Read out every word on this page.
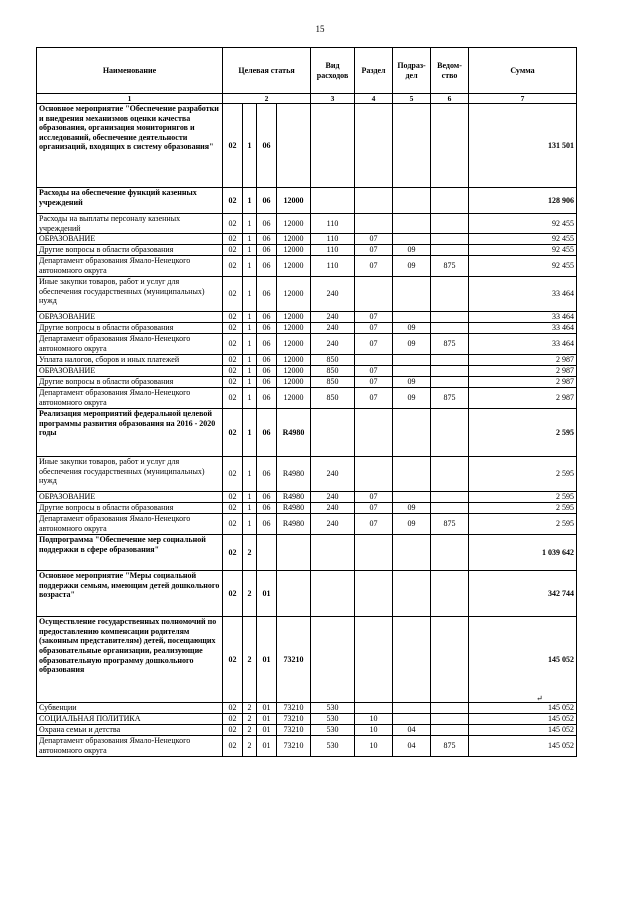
15
Наименование	Целевая статья				Вид расходов	Раздел	Подраз-дел	Ведом-ство	Сумма
1	2				3	4	5	6	7
Основное мероприятие "Обеспечение разработки и внедрения механизмов оценки качества образования, организация мониторингов и исследований, обеспечение деятельности организаций, входящих в систему образования"	02	1	06						131 501
Расходы на обеспечение функций казенных учреждений	02	1	06	12000					128 906
Расходы на выплаты персоналу казенных учреждений	02	1	06	12000	110				92 455
ОБРАЗОВАНИЕ	02	1	06	12000	110	07			92 455
Другие вопросы в области образования	02	1	06	12000	110	07	09		92 455
Департамент образования Ямало-Ненецкого автономного округа	02	1	06	12000	110	07	09	875	92 455
Иные закупки товаров, работ и услуг для обеспечения государственных (муниципальных) нужд	02	1	06	12000	240				33 464
ОБРАЗОВАНИЕ	02	1	06	12000	240	07			33 464
Другие вопросы в области образования	02	1	06	12000	240	07	09		33 464
Департамент образования Ямало-Ненецкого автономного округа	02	1	06	12000	240	07	09	875	33 464
Уплата налогов, сборов и иных платежей	02	1	06	12000	850				2 987
ОБРАЗОВАНИЕ	02	1	06	12000	850	07			2 987
Другие вопросы в области образования	02	1	06	12000	850	07	09		2 987
Департамент образования Ямало-Ненецкого автономного округа	02	1	06	12000	850	07	09	875	2 987
Реализация мероприятий федеральной целевой программы развития образования на 2016 - 2020 годы	02	1	06	R4980					2 595
Иные закупки товаров, работ и услуг для обеспечения государственных (муниципальных) нужд	02	1	06	R4980	240				2 595
ОБРАЗОВАНИЕ	02	1	06	R4980	240	07			2 595
Другие вопросы в области образования	02	1	06	R4980	240	07	09		2 595
Департамент образования Ямало-Ненецкого автономного округа	02	1	06	R4980	240	07	09	875	2 595
Подпрограмма "Обеспечение мер социальной поддержки в сфере образования"	02	2							1 039 642
Основное мероприятие "Меры социальной поддержки семьям, имеющим детей дошкольного возраста"	02	2	01						342 744
Осуществление государственных полномочий по предоставлению компенсации родителям (законным представителям) детей, посещающих образовательные организации, реализующие образовательную программу дошкольного образования	02	2	01	73210					145 052
Субвенции	02	2	01	73210	530				145 052
СОЦИАЛЬНАЯ ПОЛИТИКА	02	2	01	73210	530	10			145 052
Охрана семьи и детства	02	2	01	73210	530	10	04		145 052
Департамент образования Ямало-Ненецкого автономного округа	02	2	01	73210	530	10	04	875	145 052
↵
